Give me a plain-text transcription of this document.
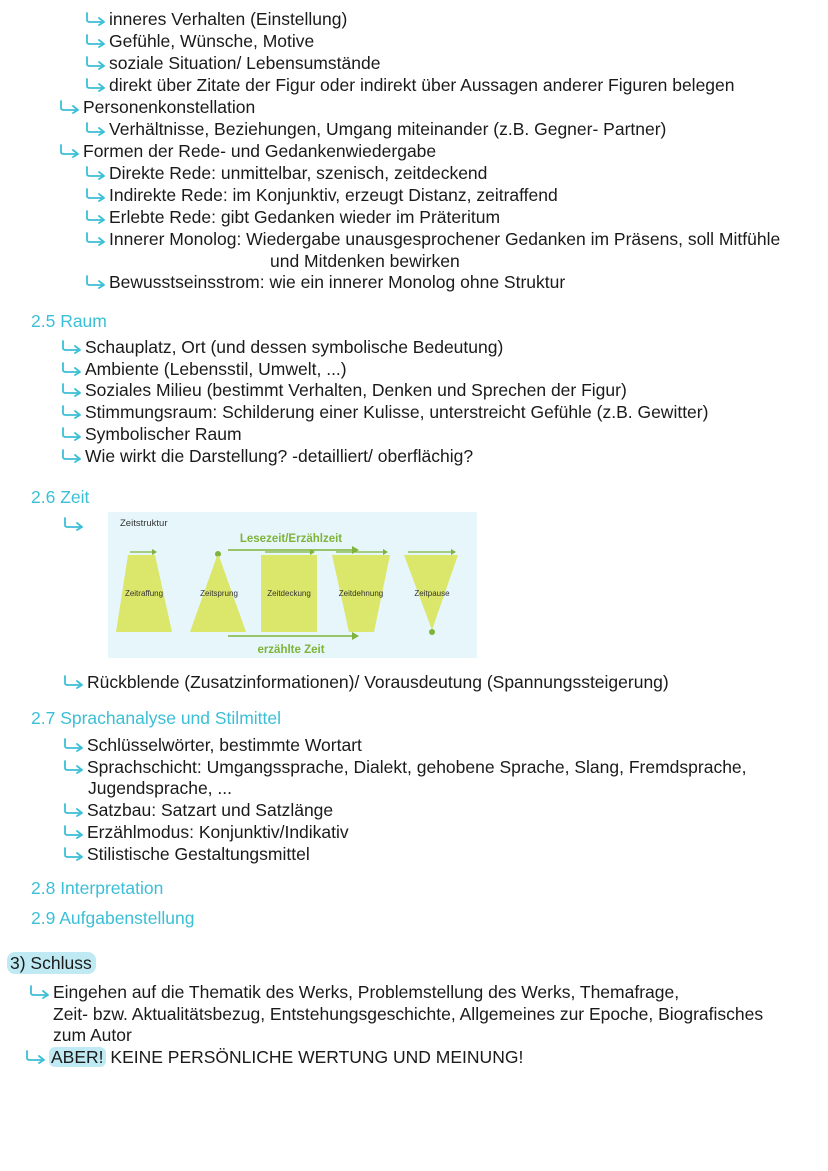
inneres Verhalten (Einstellung)
Gefühle, Wünsche, Motive
soziale Situation/ Lebensumstände
direkt über Zitate der Figur oder indirekt über Aussagen anderer Figuren belegen
Personenkonstellation
Verhältnisse, Beziehungen, Umgang miteinander (z.B. Gegner- Partner)
Formen der Rede- und Gedankenwiedergabe
Direkte Rede: unmittelbar, szenisch, zeitdeckend
Indirekte Rede: im Konjunktiv, erzeugt Distanz, zeitraffend
Erlebte Rede: gibt Gedanken wieder im Präteritum
Innerer Monolog: Wiedergabe unausgesprochener Gedanken im Präsens, soll Mitfühle
und Mitdenken bewirken
Bewusstseinsstrom: wie ein innerer Monolog ohne Struktur
2.5 Raum
Schauplatz, Ort (und dessen symbolische Bedeutung)
Ambiente (Lebensstil, Umwelt, ...)
Soziales Milieu (bestimmt Verhalten, Denken und Sprechen der Figur)
Stimmungsraum: Schilderung einer Kulisse, unterstreicht Gefühle (z.B. Gewitter)
Symbolischer Raum
Wie wirkt die Darstellung? -detailliert/ oberflächig?
2.6 Zeit
Zeitstruktur
Lesezeit/Erzählzeit
Zeitraffung	Zeitsprung	Zeitdeckung	Zeitdehnung	Zeitpause
erzählte Zeit
Rückblende (Zusatzinformationen)/ Vorausdeutung (Spannungssteigerung)
2.7 Sprachanalyse und Stilmittel
Schlüsselwörter, bestimmte Wortart
Sprachschicht: Umgangssprache, Dialekt, gehobene Sprache, Slang, Fremdsprache,
Jugendsprache, ...
Satzbau: Satzart und Satzlänge
Erzählmodus: Konjunktiv/Indikativ
Stilistische Gestaltungsmittel
2.8 Interpretation
2.9 Aufgabenstellung
3) Schluss
Eingehen auf die Thematik des Werks, Problemstellung des Werks, Themafrage,
Zeit- bzw. Aktualitätsbezug, Entstehungsgeschichte, Allgemeines zur Epoche, Biografisches
zum Autor
ABER! KEINE PERSÖNLICHE WERTUNG UND MEINUNG!
